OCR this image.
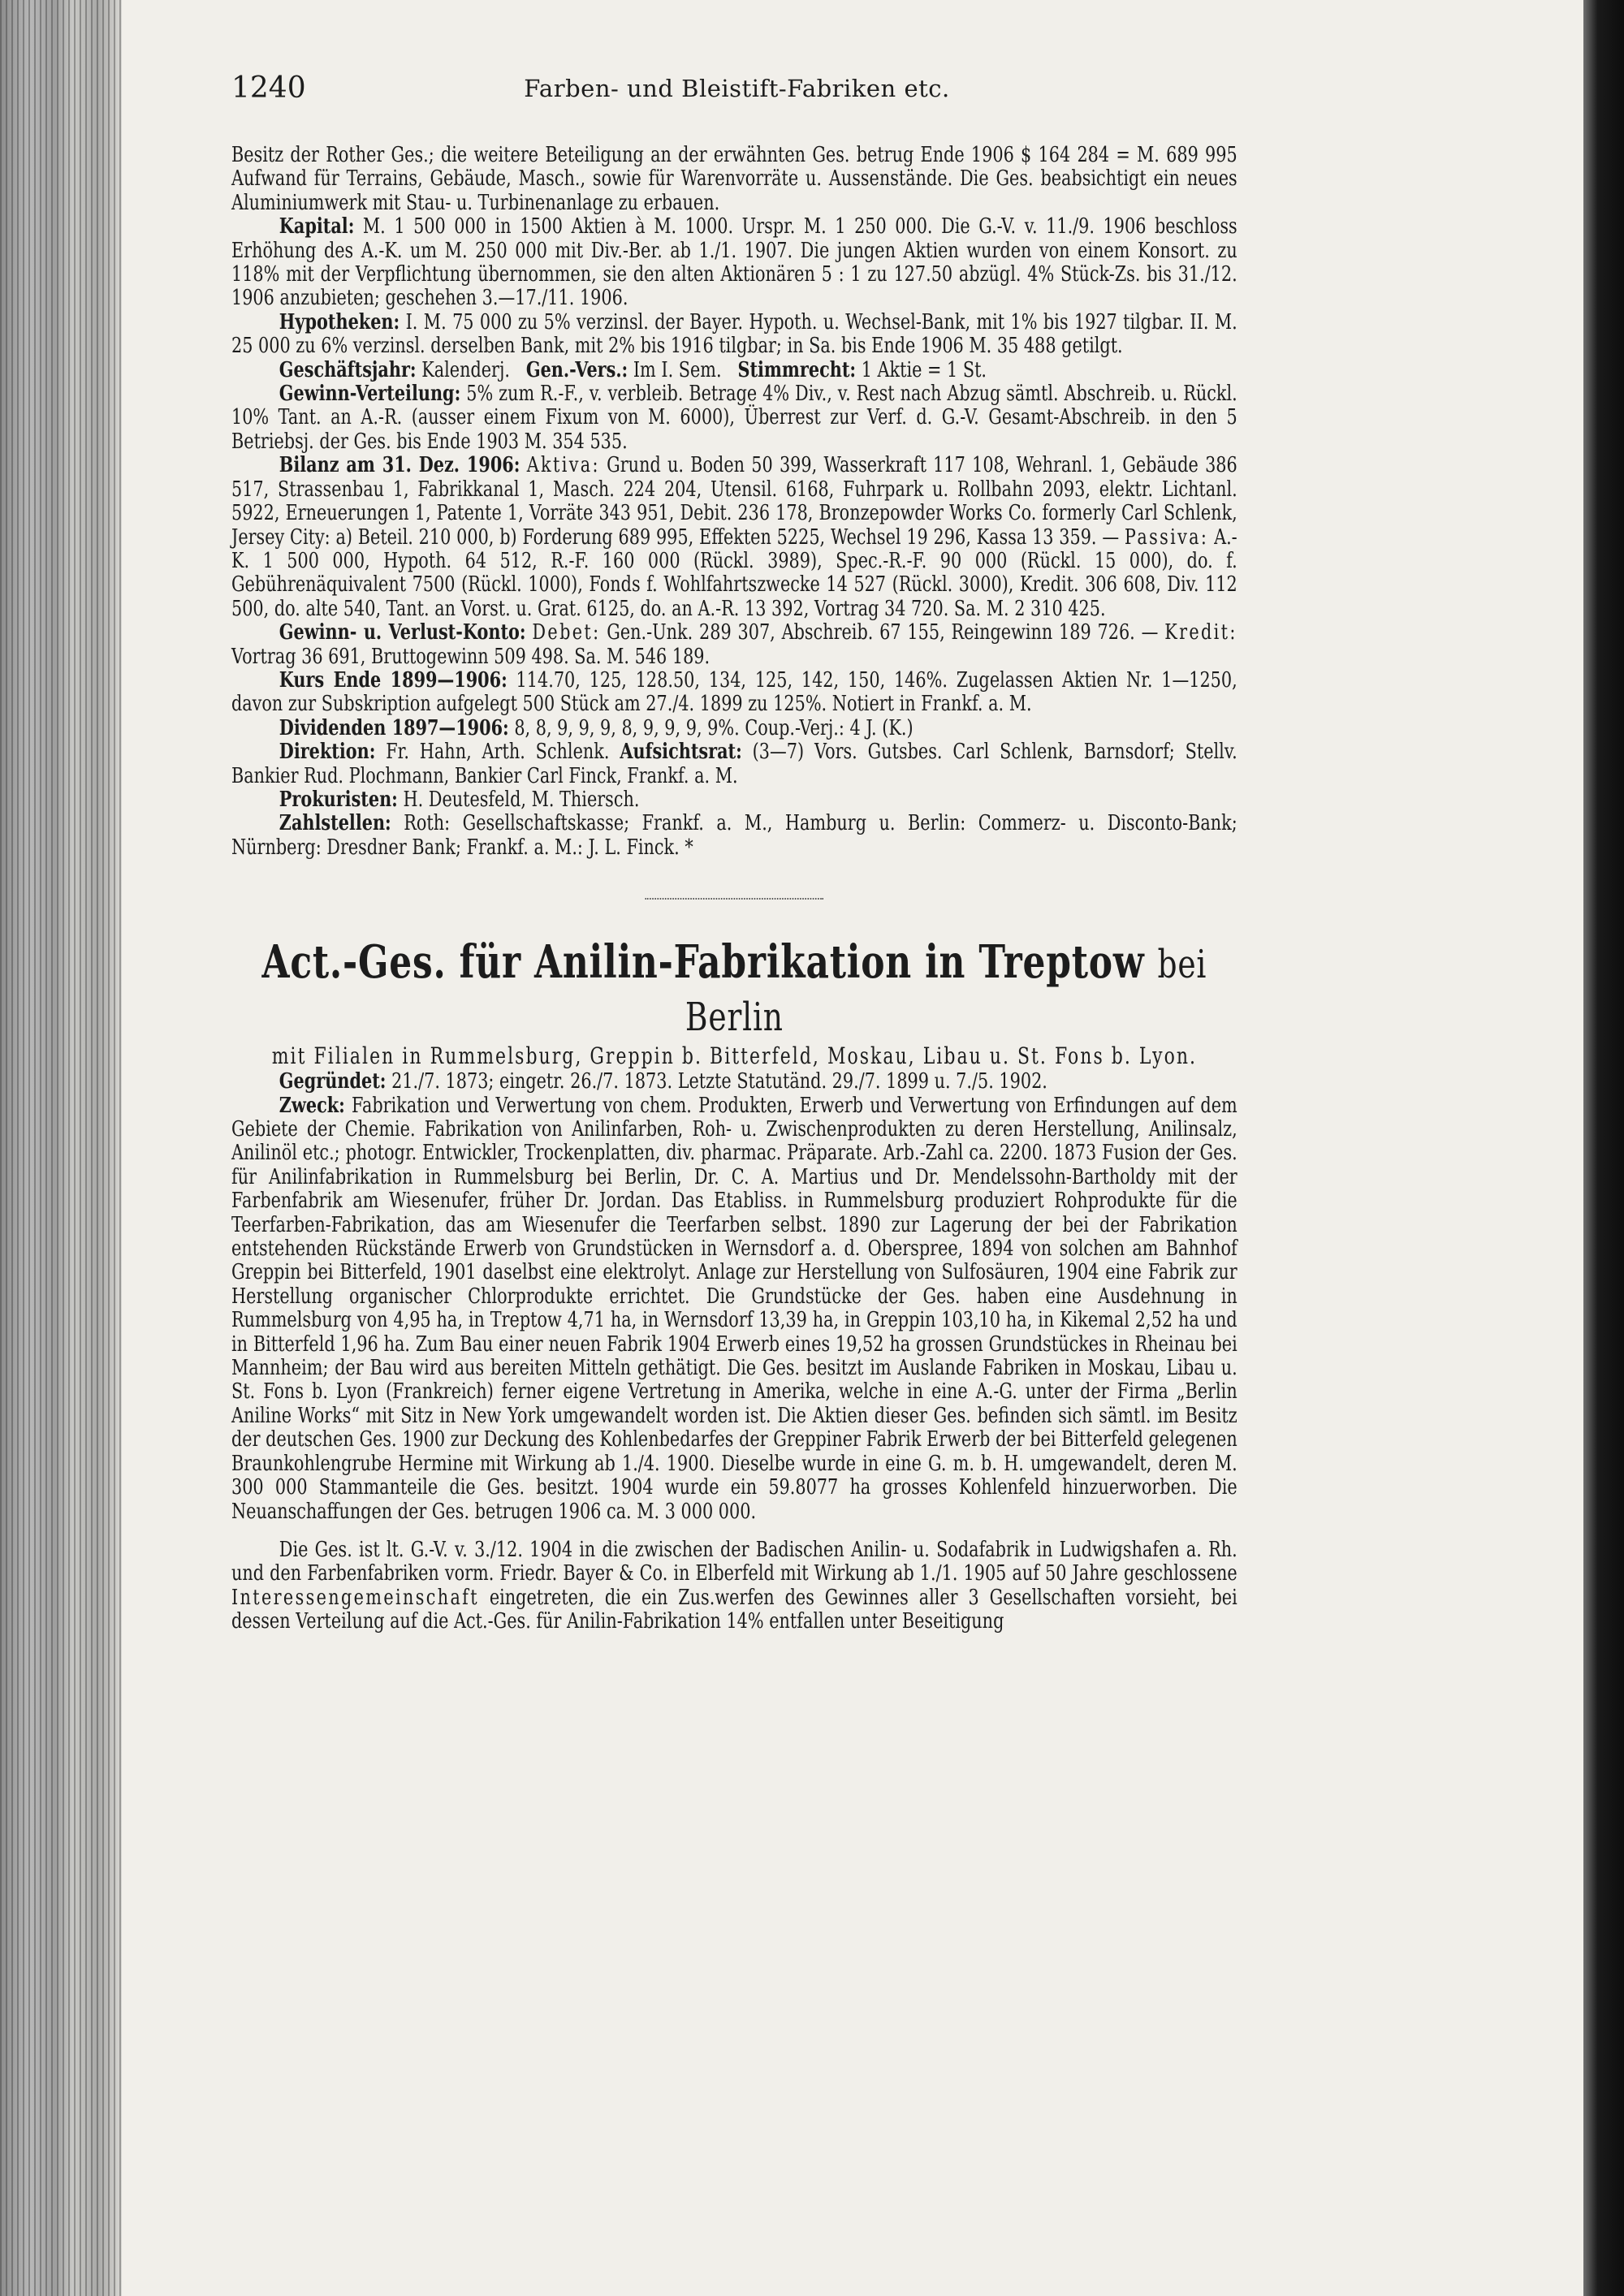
1240	Farben- und Bleistift-Fabriken etc.

Besitz der Rother Ges.; die weitere Beteiligung an der erwähnten Ges. betrug Ende 1906 $ 164 284 = M. 689 995 Aufwand für Terrains, Gebäude, Masch., sowie für Warenvorräte u. Aussenstände. Die Ges. beabsichtigt ein neues Aluminiumwerk mit Stau- u. Turbinenanlage zu erbauen.

Kapital: M. 1 500 000 in 1500 Aktien à M. 1000. Urspr. M. 1 250 000. Die G.-V. v. 11./9. 1906 beschloss Erhöhung des A.-K. um M. 250 000 mit Div.-Ber. ab 1./1. 1907. Die jungen Aktien wurden von einem Konsort. zu 118% mit der Verpflichtung übernommen, sie den alten Aktionären 5 : 1 zu 127.50 abzügl. 4% Stück-Zs. bis 31./12. 1906 anzubieten; geschehen 3.—17./11. 1906.

Hypotheken: I. M. 75 000 zu 5% verzinsl. der Bayer. Hypoth. u. Wechsel-Bank, mit 1% bis 1927 tilgbar. II. M. 25 000 zu 6% verzinsl. derselben Bank, mit 2% bis 1916 tilgbar; in Sa. bis Ende 1906 M. 35 488 getilgt.

Geschäftsjahr: Kalenderj. Gen.-Vers.: Im I. Sem. Stimmrecht: 1 Aktie = 1 St.

Gewinn-Verteilung: 5% zum R.-F., v. verbleib. Betrage 4% Div., v. Rest nach Abzug sämtl. Abschreib. u. Rückl. 10% Tant. an A.-R. (ausser einem Fixum von M. 6000), Überrest zur Verf. d. G.-V. Gesamt-Abschreib. in den 5 Betriebsj. der Ges. bis Ende 1903 M. 354 535.

Bilanz am 31. Dez. 1906: Aktiva: Grund u. Boden 50 399, Wasserkraft 117 108, Wehranl. 1, Gebäude 386 517, Strassenbau 1, Fabrikkanal 1, Masch. 224 204, Utensil. 6168, Fuhrpark u. Rollbahn 2093, elektr. Lichtanl. 5922, Erneuerungen 1, Patente 1, Vorräte 343 951, Debit. 236 178, Bronzepowder Works Co. formerly Carl Schlenk, Jersey City: a) Beteil. 210 000, b) Forderung 689 995, Effekten 5225, Wechsel 19 296, Kassa 13 359. — Passiva: A.-K. 1 500 000, Hypoth. 64 512, R.-F. 160 000 (Rückl. 3989), Spec.-R.-F. 90 000 (Rückl. 15 000), do. f. Gebührenäquivalent 7500 (Rückl. 1000), Fonds f. Wohlfahrtszwecke 14 527 (Rückl. 3000), Kredit. 306 608, Div. 112 500, do. alte 540, Tant. an Vorst. u. Grat. 6125, do. an A.-R. 13 392, Vortrag 34 720. Sa. M. 2 310 425.

Gewinn- u. Verlust-Konto: Debet: Gen.-Unk. 289 307, Abschreib. 67 155, Reingewinn 189 726. — Kredit: Vortrag 36 691, Bruttogewinn 509 498. Sa. M. 546 189.

Kurs Ende 1899—1906: 114.70, 125, 128.50, 134, 125, 142, 150, 146%. Zugelassen Aktien Nr. 1—1250, davon zur Subskription aufgelegt 500 Stück am 27./4. 1899 zu 125%. Notiert in Frankf. a. M.

Dividenden 1897—1906: 8, 8, 9, 9, 9, 8, 9, 9, 9, 9%. Coup.-Verj.: 4 J. (K.)

Direktion: Fr. Hahn, Arth. Schlenk. Aufsichtsrat: (3—7) Vors. Gutsbes. Carl Schlenk, Barnsdorf; Stellv. Bankier Rud. Plochmann, Bankier Carl Finck, Frankf. a. M.

Prokuristen: H. Deutesfeld, M. Thiersch.

Zahlstellen: Roth: Gesellschaftskasse; Frankf. a. M., Hamburg u. Berlin: Commerz- u. Disconto-Bank; Nürnberg: Dresdner Bank; Frankf. a. M.: J. L. Finck. *

Act.-Ges. für Anilin-Fabrikation in Treptow bei Berlin

mit Filialen in Rummelsburg, Greppin b. Bitterfeld, Moskau, Libau u. St. Fons b. Lyon.

Gegründet: 21./7. 1873; eingetr. 26./7. 1873. Letzte Statutänd. 29./7. 1899 u. 7./5. 1902.

Zweck: Fabrikation und Verwertung von chem. Produkten, Erwerb und Verwertung von Erfindungen auf dem Gebiete der Chemie. Fabrikation von Anilinfarben, Roh- u. Zwischenprodukten zu deren Herstellung, Anilinsalz, Anilinöl etc.; photogr. Entwickler, Trockenplatten, div. pharmac. Präparate. Arb.-Zahl ca. 2200. 1873 Fusion der Ges. für Anilinfabrikation in Rummelsburg bei Berlin, Dr. C. A. Martius und Dr. Mendelssohn-Bartholdy mit der Farbenfabrik am Wiesenufer, früher Dr. Jordan. Das Etabliss. in Rummelsburg produziert Rohprodukte für die Teerfarben-Fabrikation, das am Wiesenufer die Teerfarben selbst. 1890 zur Lagerung der bei der Fabrikation entstehenden Rückstände Erwerb von Grundstücken in Wernsdorf a. d. Oberspree, 1894 von solchen am Bahnhof Greppin bei Bitterfeld, 1901 daselbst eine elektrolyt. Anlage zur Herstellung von Sulfosäuren, 1904 eine Fabrik zur Herstellung organischer Chlorprodukte errichtet. Die Grundstücke der Ges. haben eine Ausdehnung in Rummelsburg von 4,95 ha, in Treptow 4,71 ha, in Wernsdorf 13,39 ha, in Greppin 103,10 ha, in Kikemal 2,52 ha und in Bitterfeld 1,96 ha. Zum Bau einer neuen Fabrik 1904 Erwerb eines 19,52 ha grossen Grundstückes in Rheinau bei Mannheim; der Bau wird aus bereiten Mitteln gethätigt. Die Ges. besitzt im Auslande Fabriken in Moskau, Libau u. St. Fons b. Lyon (Frankreich) ferner eigene Vertretung in Amerika, welche in eine A.-G. unter der Firma „Berlin Aniline Works“ mit Sitz in New York umgewandelt worden ist. Die Aktien dieser Ges. befinden sich sämtl. im Besitz der deutschen Ges. 1900 zur Deckung des Kohlenbedarfes der Greppiner Fabrik Erwerb der bei Bitterfeld gelegenen Braunkohlengrube Hermine mit Wirkung ab 1./4. 1900. Dieselbe wurde in eine G. m. b. H. umgewandelt, deren M. 300 000 Stammanteile die Ges. besitzt. 1904 wurde ein 59.8077 ha grosses Kohlenfeld hinzuerworben. Die Neuanschaffungen der Ges. betrugen 1906 ca. M. 3 000 000.

Die Ges. ist lt. G.-V. v. 3./12. 1904 in die zwischen der Badischen Anilin- u. Sodafabrik in Ludwigshafen a. Rh. und den Farbenfabriken vorm. Friedr. Bayer & Co. in Elberfeld mit Wirkung ab 1./1. 1905 auf 50 Jahre geschlossene Interessengemeinschaft eingetreten, die ein Zus.werfen des Gewinnes aller 3 Gesellschaften vorsieht, bei dessen Verteilung auf die Act.-Ges. für Anilin-Fabrikation 14% entfallen unter Beseitigung
